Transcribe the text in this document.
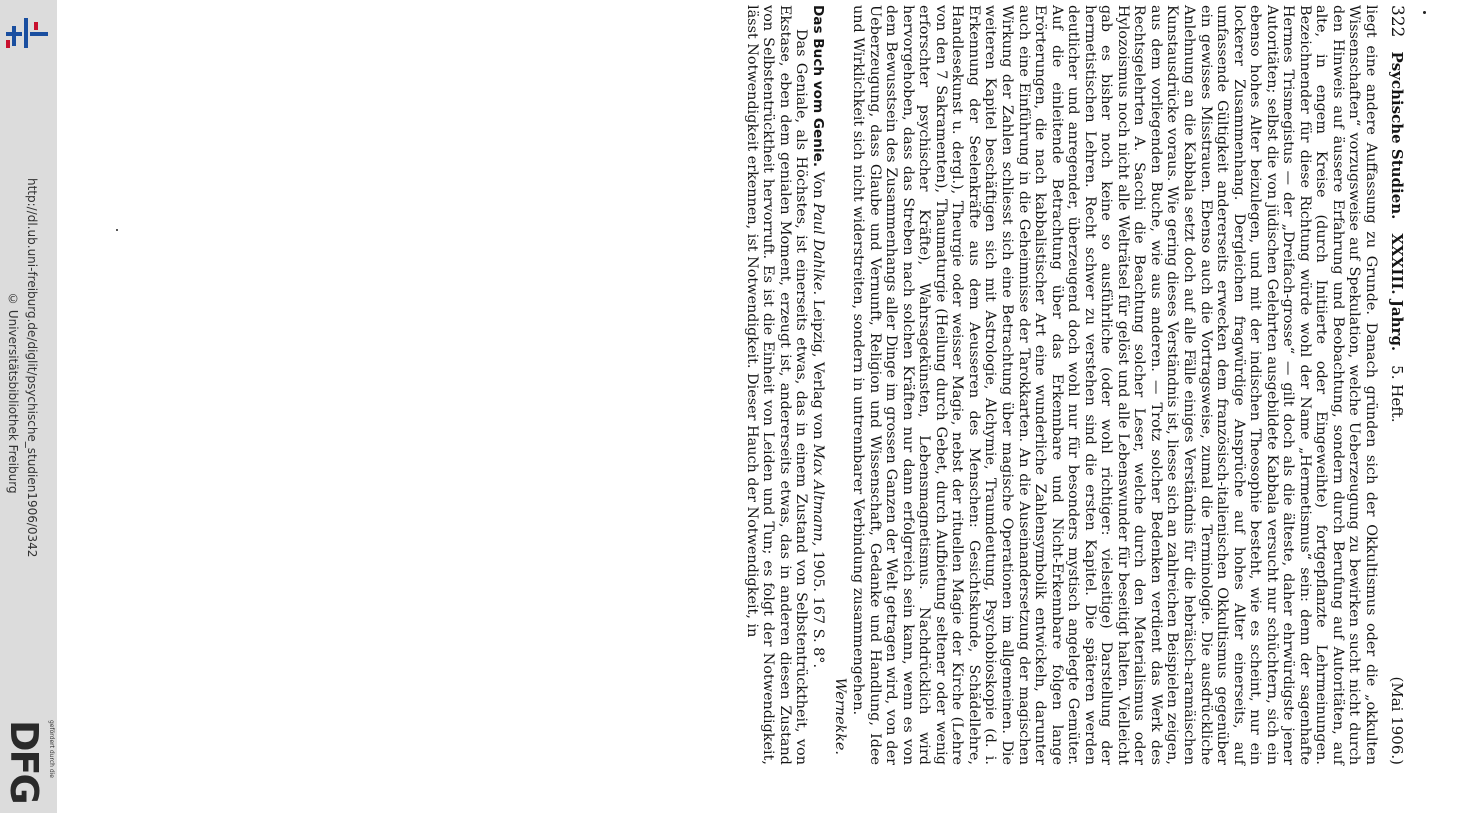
http://dl.ub.uni-freiburg.de/diglit/psychische_studien1906/0342
© Universitätsbibliothek Freiburg
DFG gefördert durch die
322
Psychische Studien.
XXXIII. Jahrg.
5. Heft.
(Mai 1906.)

liegt eine andere Auffassung zu Grunde. Danach gründen sich der Okkultismus oder die „okkulten Wissenschaften“ vorzugsweise auf Spekulation, welche Ueberzeugung zu bewirken sucht nicht durch den Hinweis auf äussere Erfahrung und Beobachtung, sondern durch Berufung auf Autoritäten, auf alte, in engem Kreise (durch Initiierte oder Eingeweihte) fortgepflanzte Lehrmeinungen. Bezeichnender für diese Richtung würde wohl der Name „Hermetismus“ sein: denn der sagenhafte Hermes Trismegistus — der „Dreifach-grosse“ — gilt doch als die älteste, daher ehrwürdigste jener Autoritäten; selbst die von jüdischen Gelehrten ausgebildete Kabbala versucht nur schüchtern, sich ein ebenso hohes Alter beizulegen, und mit der indischen Theosophie besteht, wie es scheint, nur ein lockerer Zusammenhang. Dergleichen fragwürdige Ansprüche auf hohes Alter einerseits, auf umfassende Gültigkeit andererseits erwecken dem französisch-italienischen Okkultismus gegenüber ein gewisses Misstrauen. Ebenso auch die Vortragsweise, zumal die Terminologie. Die ausdrückliche Anlehnung an die Kabbala setzt doch auf alle Fälle einiges Verständnis für die hebräisch-aramäischen Kunstausdrücke voraus. Wie gering dieses Verständnis ist, liesse sich an zahlreichen Beispielen zeigen, aus dem vorliegenden Buche, wie aus anderen. — Trotz solcher Bedenken verdient das Werk des Rechtsgelehrten A. Sacchi die Beachtung solcher Leser, welche durch den Materialismus oder Hylozoismus noch nicht alle Welträtsel für gelöst und alle Lebenswunder für beseitigt halten. Vielleicht gab es bisher noch keine so ausführliche (oder wohl richtiger: vielseitige) Darstellung der hermetistischen Lehren. Recht schwer zu verstehen sind die ersten Kapitel. Die späteren werden deutlicher und anregender, überzeugend doch wohl nur für besonders mystisch angelegte Gemüter. Auf die einleitende Betrachtung über das Erkennbare und Nicht-Erkennbare folgen lange Erörterungen, die nach kabbalistischer Art eine wunderliche Zahlensymbolik entwickeln, darunter auch eine Einführung in die Geheimnisse der Tarokkarten. An die Auseinandersetzung der magischen Wirkung der Zahlen schliesst sich eine Betrachtung über magische Operationen im allgemeinen. Die weiteren Kapitel beschäftigen sich mit Astrologie, Alchymie, Traumdeutung, Psychobioskopie (d. i. Erkennung der Seelenkräfte aus dem Aeusseren des Menschen: Gesichtskunde, Schädellehre, Handlesekunst u. dergl.), Theurgie oder weisser Magie, nebst der rituellen Magie der Kirche (Lehre von den 7 Sakramenten), Thaumaturgie (Heilung durch Gebet, durch Aufbietung seltener oder wenig erforschter psychischer Kräfte), Wahrsagekünsten, Lebensmagnetismus. Nachdrücklich wird hervorgehoben, dass das Streben nach solchen Kräften nur dann erfolgreich sein kann, wenn es von dem Bewusstsein des Zusammenhangs aller Dinge im grossen Ganzen der Welt getragen wird, von der Ueberzeugung, dass Glaube und Vernunft, Religion und Wissenschaft, Gedanke und Handlung, Idee und Wirklichkeit sich nicht widerstreiten, sondern in untrennbarer Verbindung zusammengehen.

Wernekke.

Das Buch vom Genie. Von Paul Dahlke. Leipzig, Verlag von Max Altmann, 1905. 167 S. 8°.

Das Geniale, als Höchstes, ist einerseits etwas, das in einem Zustand von Selbstentrücktheit, von Ekstase, eben dem genialen Moment, erzeugt ist, andererseits etwas, das in anderen diesen Zustand von Selbstentrücktheit hervorruft. Es ist die Einheit von Leiden und Tun; es folgt der Notwendigkeit, lässt Notwendigkeit erkennen, ist Notwendigkeit. Dieser Hauch der Notwendigkeit, in
